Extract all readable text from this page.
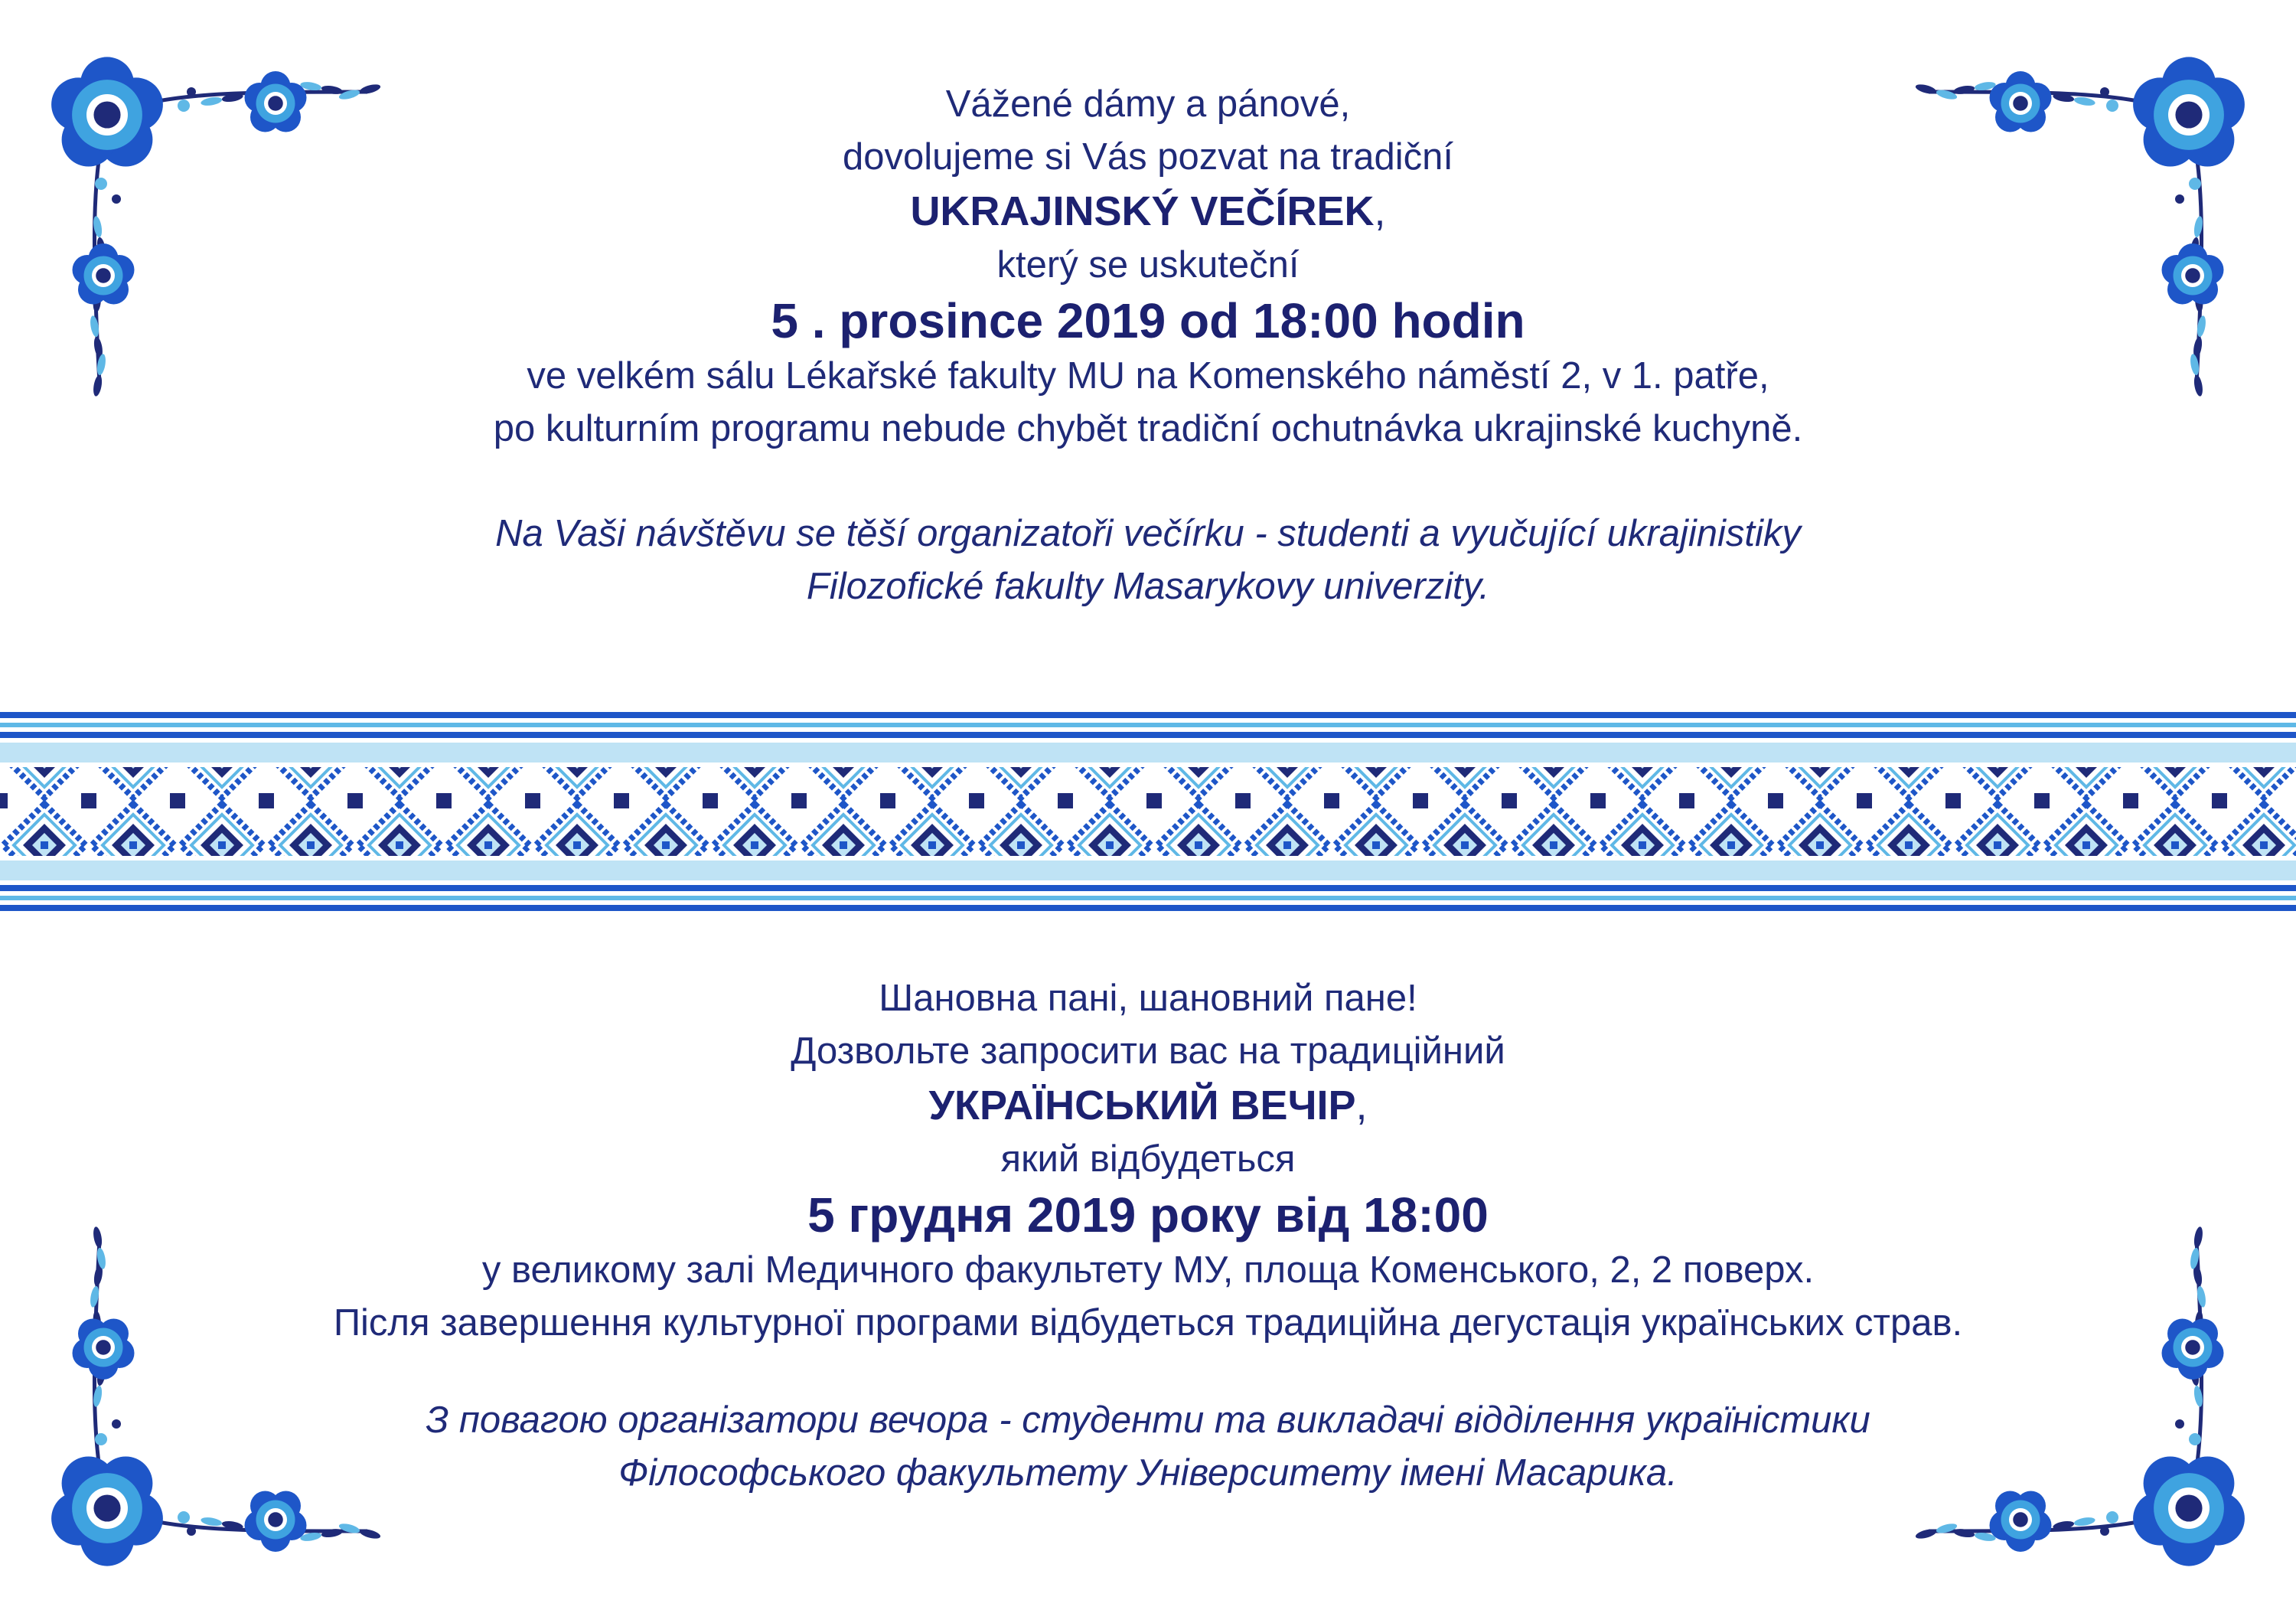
Vážené dámy a pánové,
dovolujeme si Vás pozvat na tradiční
UKRAJINSKÝ VEČÍREK,
který se uskuteční
5 . prosince 2019 od 18:00 hodin
ve velkém sálu Lékařské fakulty MU na Komenského náměstí 2, v 1. patře,
po kulturním programu nebude chybět tradiční ochutnávka ukrajinské kuchyně.
Na Vaši návštěvu se těší organizatoři večírku - studenti a vyučující ukrajinistiky
Filozofické fakulty Masarykovy univerzity.
Шановна пані, шановний пане!
Дозвольте запросити вас на традиційний
УКРАЇНСЬКИЙ ВЕЧІР,
який відбудеться
5 грудня 2019 року від 18:00
у великому залі Медичного факультету МУ, площа Коменського, 2, 2 поверх.
Після завершення культурної програми відбудеться традиційна дегустація українських страв.
З повагою організатори вечора - студенти та викладачі відділення україністики
Філософського факультету Університету імені Масарика.
